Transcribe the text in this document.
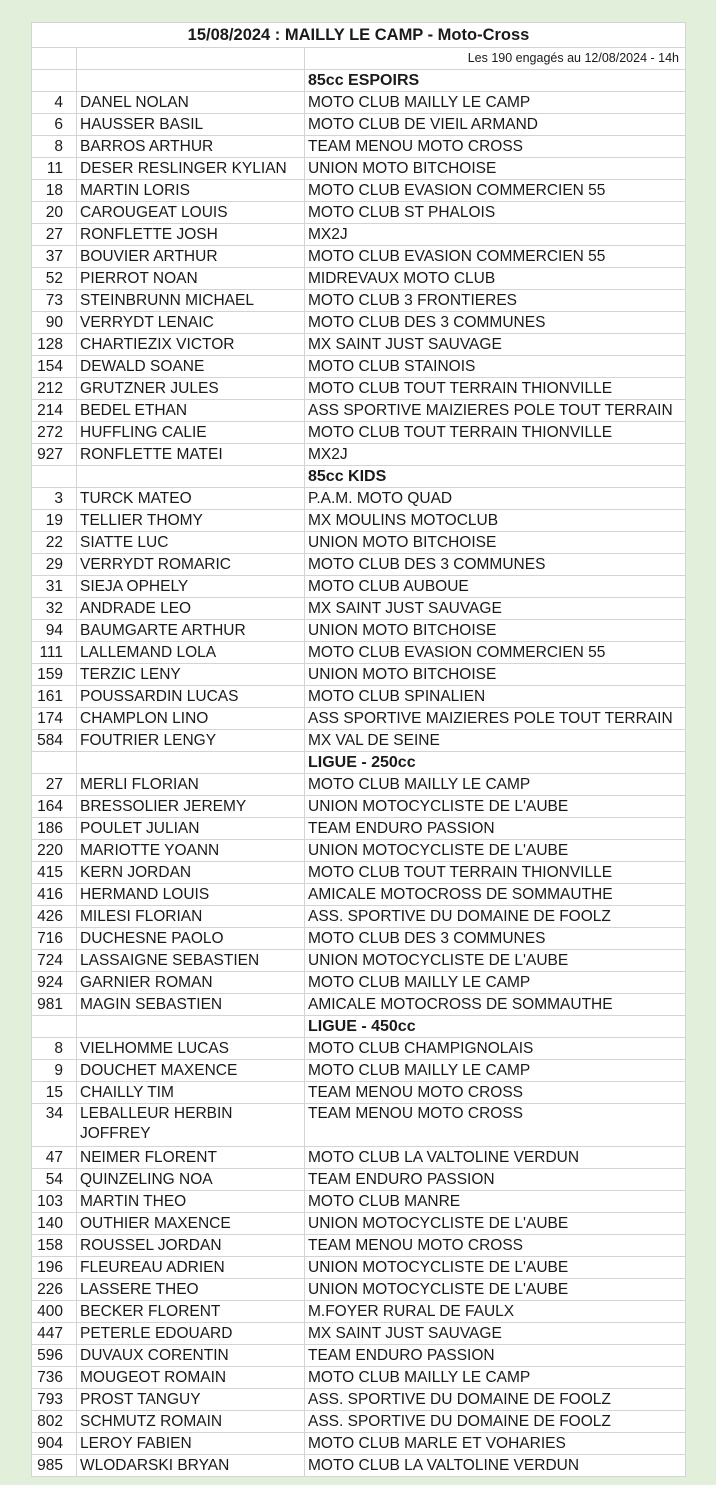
15/08/2024 : MAILLY LE CAMP - Moto-Cross		
		Les 190 engagés au 12/08/2024 - 14h
		85cc ESPOIRS
4	DANEL NOLAN	MOTO CLUB MAILLY LE CAMP
6	HAUSSER BASIL	MOTO CLUB DE VIEIL ARMAND
8	BARROS ARTHUR	TEAM MENOU MOTO CROSS
11	DESER RESLINGER KYLIAN	UNION MOTO BITCHOISE
18	MARTIN LORIS	MOTO CLUB EVASION COMMERCIEN 55
20	CAROUGEAT LOUIS	MOTO CLUB ST PHALOIS
27	RONFLETTE JOSH	MX2J
37	BOUVIER ARTHUR	MOTO CLUB EVASION COMMERCIEN 55
52	PIERROT NOAN	MIDREVAUX MOTO CLUB
73	STEINBRUNN MICHAEL	MOTO CLUB 3 FRONTIERES
90	VERRYDT LENAIC	MOTO CLUB DES 3 COMMUNES
128	CHARTIEZIX VICTOR	MX SAINT JUST SAUVAGE
154	DEWALD SOANE	MOTO CLUB STAINOIS
212	GRUTZNER JULES	MOTO CLUB TOUT TERRAIN THIONVILLE
214	BEDEL ETHAN	ASS SPORTIVE MAIZIERES POLE TOUT TERRAIN
272	HUFFLING CALIE	MOTO CLUB TOUT TERRAIN THIONVILLE
927	RONFLETTE MATEI	MX2J
		85cc KIDS
3	TURCK MATEO	P.A.M. MOTO QUAD
19	TELLIER THOMY	MX MOULINS MOTOCLUB
22	SIATTE LUC	UNION MOTO BITCHOISE
29	VERRYDT ROMARIC	MOTO CLUB DES 3 COMMUNES
31	SIEJA OPHELY	MOTO CLUB AUBOUE
32	ANDRADE LEO	MX SAINT JUST SAUVAGE
94	BAUMGARTE ARTHUR	UNION MOTO BITCHOISE
111	LALLEMAND LOLA	MOTO CLUB EVASION COMMERCIEN 55
159	TERZIC LENY	UNION MOTO BITCHOISE
161	POUSSARDIN LUCAS	MOTO CLUB SPINALIEN
174	CHAMPLON LINO	ASS SPORTIVE MAIZIERES POLE TOUT TERRAIN
584	FOUTRIER LENGY	MX VAL DE SEINE
		LIGUE - 250cc
27	MERLI FLORIAN	MOTO CLUB MAILLY LE CAMP
164	BRESSOLIER JEREMY	UNION MOTOCYCLISTE DE L'AUBE
186	POULET JULIAN	TEAM ENDURO PASSION
220	MARIOTTE YOANN	UNION MOTOCYCLISTE DE L'AUBE
415	KERN JORDAN	MOTO CLUB TOUT TERRAIN THIONVILLE
416	HERMAND LOUIS	AMICALE MOTOCROSS DE SOMMAUTHE
426	MILESI FLORIAN	ASS. SPORTIVE DU DOMAINE DE FOOLZ
716	DUCHESNE PAOLO	MOTO CLUB DES 3 COMMUNES
724	LASSAIGNE SEBASTIEN	UNION MOTOCYCLISTE DE L'AUBE
924	GARNIER ROMAN	MOTO CLUB MAILLY LE CAMP
981	MAGIN SEBASTIEN	AMICALE MOTOCROSS DE SOMMAUTHE
		LIGUE - 450cc
8	VIELHOMME LUCAS	MOTO CLUB CHAMPIGNOLAIS
9	DOUCHET MAXENCE	MOTO CLUB MAILLY LE CAMP
15	CHAILLY TIM	TEAM MENOU MOTO CROSS
34	LEBALLEUR HERBIN JOFFREY	TEAM MENOU MOTO CROSS
47	NEIMER FLORENT	MOTO CLUB LA VALTOLINE VERDUN
54	QUINZELING NOA	TEAM ENDURO PASSION
103	MARTIN THEO	MOTO CLUB MANRE
140	OUTHIER MAXENCE	UNION MOTOCYCLISTE DE L'AUBE
158	ROUSSEL JORDAN	TEAM MENOU MOTO CROSS
196	FLEUREAU ADRIEN	UNION MOTOCYCLISTE DE L'AUBE
226	LASSERE THEO	UNION MOTOCYCLISTE DE L'AUBE
400	BECKER FLORENT	M.FOYER RURAL DE FAULX
447	PETERLE EDOUARD	MX SAINT JUST SAUVAGE
596	DUVAUX CORENTIN	TEAM ENDURO PASSION
736	MOUGEOT ROMAIN	MOTO CLUB MAILLY LE CAMP
793	PROST TANGUY	ASS. SPORTIVE DU DOMAINE DE FOOLZ
802	SCHMUTZ ROMAIN	ASS. SPORTIVE DU DOMAINE DE FOOLZ
904	LEROY FABIEN	MOTO CLUB MARLE ET VOHARIES
985	WLODARSKI BRYAN	MOTO CLUB LA VALTOLINE VERDUN
